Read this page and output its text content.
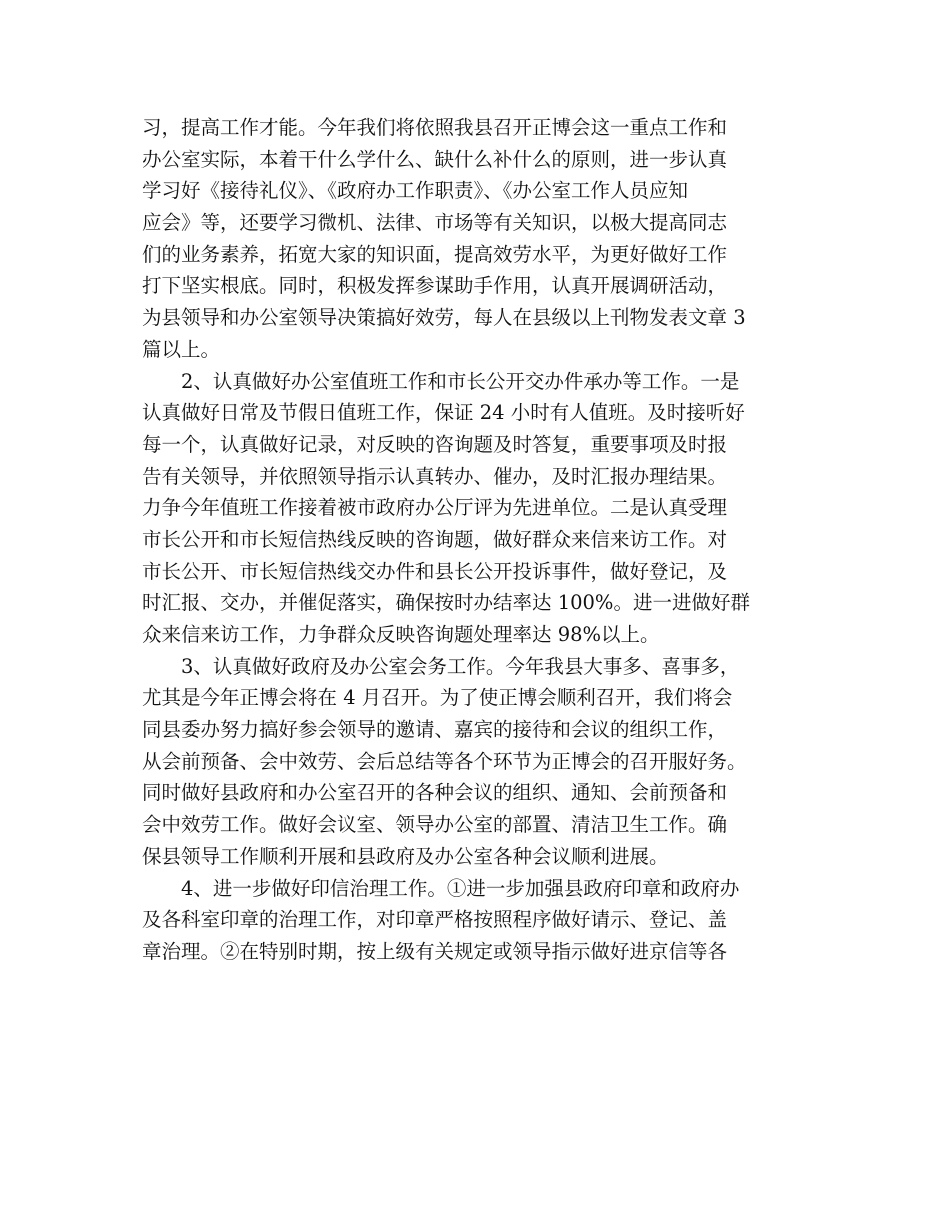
习，提高工作才能。今年我们将依照我县召开正博会这一重点工作和
办公室实际，本着干什么学什么、缺什么补什么的原则，进一步认真
学习好《接待礼仪》、《政府办工作职责》、《办公室工作人员应知
应会》等，还要学习微机、法律、市场等有关知识，以极大提高同志
们的业务素养，拓宽大家的知识面，提高效劳水平，为更好做好工作
打下坚实根底。同时，积极发挥参谋助手作用，认真开展调研活动，
为县领导和办公室领导决策搞好效劳，每人在县级以上刊物发表文章 3
篇以上。
2、认真做好办公室值班工作和市长公开交办件承办等工作。一是
认真做好日常及节假日值班工作，保证 24 小时有人值班。及时接听好
每一个，认真做好记录，对反映的咨询题及时答复，重要事项及时报
告有关领导，并依照领导指示认真转办、催办，及时汇报办理结果。
力争今年值班工作接着被市政府办公厅评为先进单位。二是认真受理
市长公开和市长短信热线反映的咨询题，做好群众来信来访工作。对
市长公开、市长短信热线交办件和县长公开投诉事件，做好登记，及
时汇报、交办，并催促落实，确保按时办结率达 100%。进一进做好群
众来信来访工作，力争群众反映咨询题处理率达 98%以上。
3、认真做好政府及办公室会务工作。今年我县大事多、喜事多，
尤其是今年正博会将在 4 月召开。为了使正博会顺利召开，我们将会
同县委办努力搞好参会领导的邀请、嘉宾的接待和会议的组织工作，
从会前预备、会中效劳、会后总结等各个环节为正博会的召开服好务。
同时做好县政府和办公室召开的各种会议的组织、通知、会前预备和
会中效劳工作。做好会议室、领导办公室的部置、清洁卫生工作。确
保县领导工作顺利开展和县政府及办公室各种会议顺利进展。
4、进一步做好印信治理工作。①进一步加强县政府印章和政府办
及各科室印章的治理工作，对印章严格按照程序做好请示、登记、盖
章治理。②在特别时期，按上级有关规定或领导指示做好进京信等各
